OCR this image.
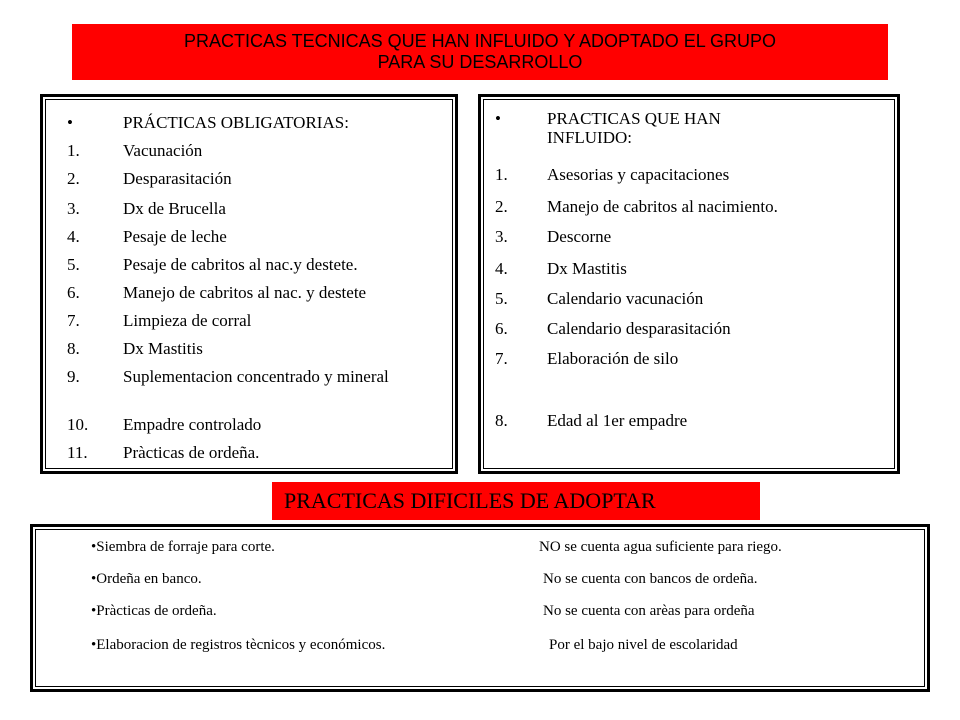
PRACTICAS TECNICAS QUE HAN INFLUIDO Y ADOPTADO EL GRUPO
PARA SU DESARROLLO
•	PRÁCTICAS OBLIGATORIAS:
1.	Vacunación
2.	Desparasitación
3.	Dx de Brucella
4.	Pesaje de leche
5.	Pesaje de cabritos al nac.y destete.
6.	Manejo de cabritos al nac. y destete
7.	Limpieza de corral
8.	Dx Mastitis
9.	Suplementacion concentrado y mineral
10. Empadre controlado
11. Pràcticas de ordeña.
•	PRACTICAS QUE HAN INFLUIDO:
1. Asesorias y capacitaciones
2. Manejo de cabritos al nacimiento.
3. Descorne
4. Dx Mastitis
5. Calendario vacunación
6. Calendario desparasitación
7. Elaboración de silo
8. Edad al 1er empadre
PRACTICAS DIFICILES DE ADOPTAR
•Siembra de forraje para corte.	NO se cuenta agua suficiente para riego.
•Ordeña en banco.	No se cuenta con bancos de ordeña.
•Pràcticas de ordeña.	No se cuenta con arèas para ordeña
•Elaboracion de registros tècnicos y económicos.	Por el bajo nivel de escolaridad
